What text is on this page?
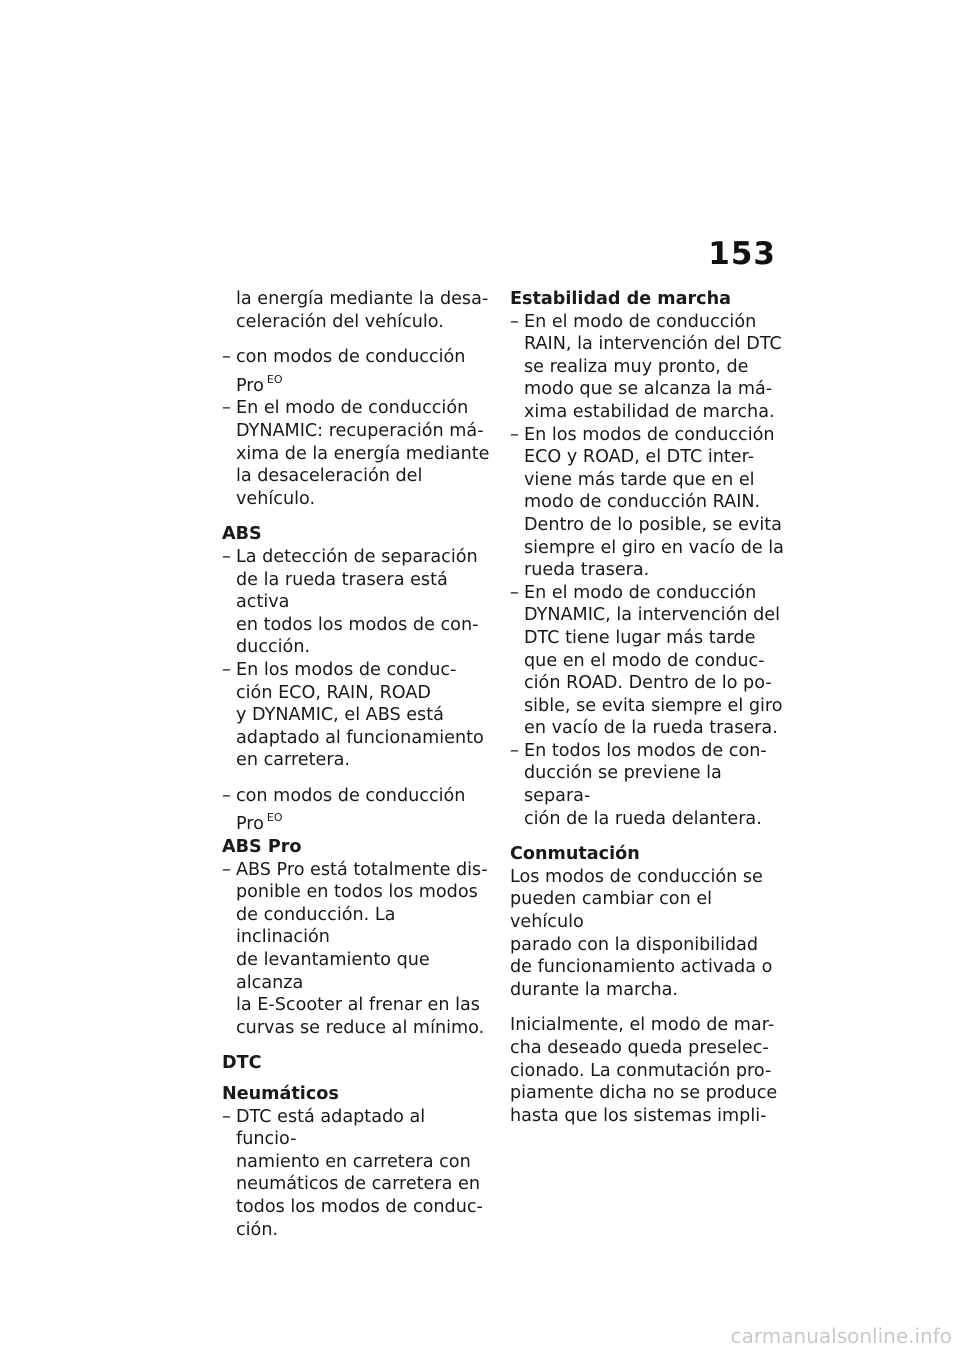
153
la energía mediante la desa-
celeración del vehículo.
– con modos de conducción
Pro $^{EO}$
– En el modo de conducción
DYNAMIC: recuperación má-
xima de la energía mediante
la desaceleración del vehículo.
ABS
– La detección de separación
de la rueda trasera está activa
en todos los modos de con-
ducción.
– En los modos de conduc-
ción ECO, RAIN, ROAD
y DYNAMIC, el ABS está
adaptado al funcionamiento
en carretera.
– con modos de conducción
Pro $^{EO}$
ABS Pro
– ABS Pro está totalmente dis-
ponible en todos los modos
de conducción. La inclinación
de levantamiento que alcanza
la E-Scooter al frenar en las
curvas se reduce al mínimo.
DTC
Neumáticos
– DTC está adaptado al funcio-
namiento en carretera con
neumáticos de carretera en
todos los modos de conduc-
ción.
Estabilidad de marcha
– En el modo de conducción
RAIN, la intervención del DTC
se realiza muy pronto, de
modo que se alcanza la má-
xima estabilidad de marcha.
– En los modos de conducción
ECO y ROAD, el DTC inter-
viene más tarde que en el
modo de conducción RAIN.
Dentro de lo posible, se evita
siempre el giro en vacío de la
rueda trasera.
– En el modo de conducción
DYNAMIC, la intervención del
DTC tiene lugar más tarde
que en el modo de conduc-
ción ROAD. Dentro de lo po-
sible, se evita siempre el giro
en vacío de la rueda trasera.
– En todos los modos de con-
ducción se previene la separa-
ción de la rueda delantera.
Conmutación
Los modos de conducción se
pueden cambiar con el vehículo
parado con la disponibilidad
de funcionamiento activada o
durante la marcha.
Inicialmente, el modo de mar-
cha deseado queda preselec-
cionado. La conmutación pro-
piamente dicha no se produce
hasta que los sistemas impli-
carmanualsonline.info
